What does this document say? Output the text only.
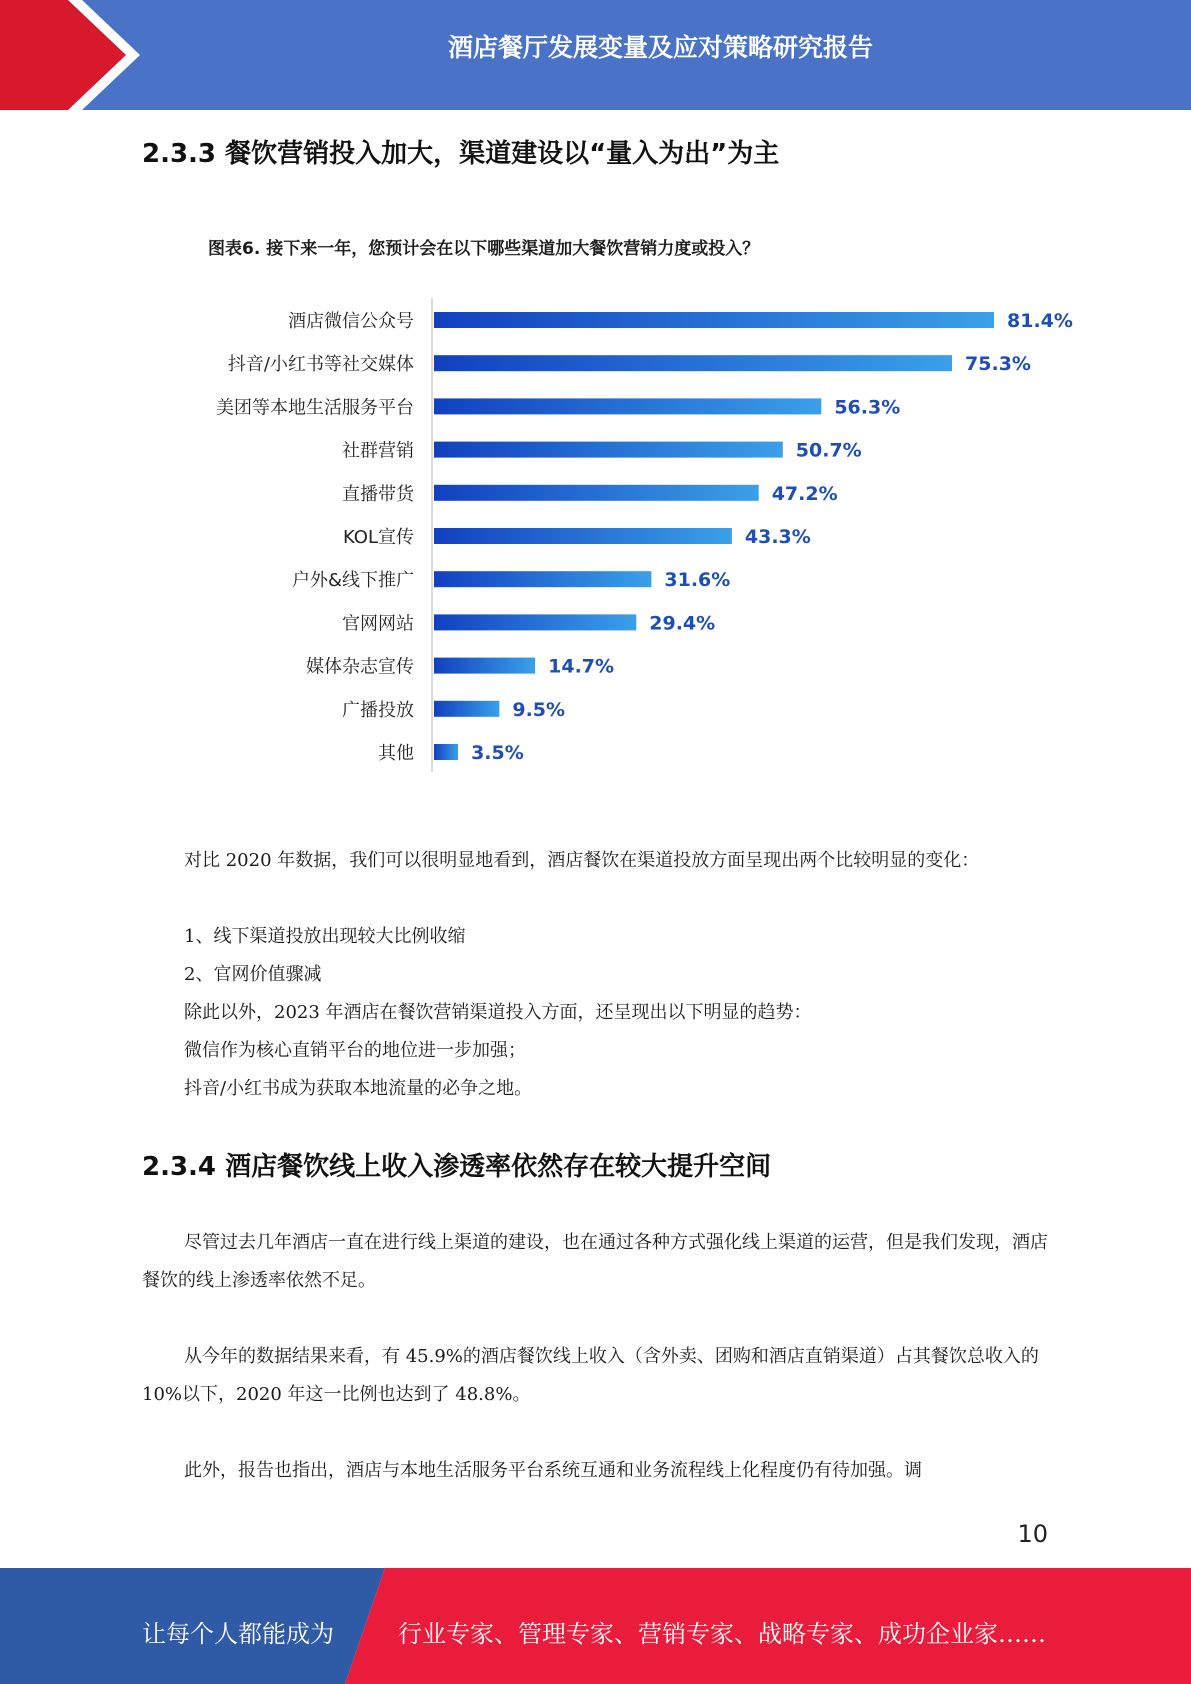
酒店餐厅发展变量及应对策略研究报告
2.3.3 餐饮营销投入加大，渠道建设以“量入为出”为主
图表6. 接下来一年，您预计会在以下哪些渠道加大餐饮营销力度或投入？
酒店微信公众号	81.4%
抖音/小红书等社交媒体	75.3%
美团等本地生活服务平台	56.3%
社群营销	50.7%
直播带货	47.2%
KOL宣传	43.3%
户外&线下推广	31.6%
官网网站	29.4%
媒体杂志宣传	14.7%
广播投放	9.5%
其他	3.5%

对比 2020 年数据，我们可以很明显地看到，酒店餐饮在渠道投放方面呈现出两个比较明显的变化：

1、线下渠道投放出现较大比例收缩

2、官网价值骤减

除此以外，2023 年酒店在餐饮营销渠道投入方面，还呈现出以下明显的趋势：

微信作为核心直销平台的地位进一步加强；

抖音/小红书成为获取本地流量的必争之地。

2.3.4 酒店餐饮线上收入渗透率依然存在较大提升空间

尽管过去几年酒店一直在进行线上渠道的建设，也在通过各种方式强化线上渠道的运营，但是我们发现，酒店餐饮的线上渗透率依然不足。

从今年的数据结果来看，有 45.9%的酒店餐饮线上收入（含外卖、团购和酒店直销渠道）占其餐饮总收入的 10%以下，2020 年这一比例也达到了 48.8%。

此外，报告也指出，酒店与本地生活服务平台系统互通和业务流程线上化程度仍有待加强。调

10
让每个人都能成为	行业专家、管理专家、营销专家、战略专家、成功企业家……
